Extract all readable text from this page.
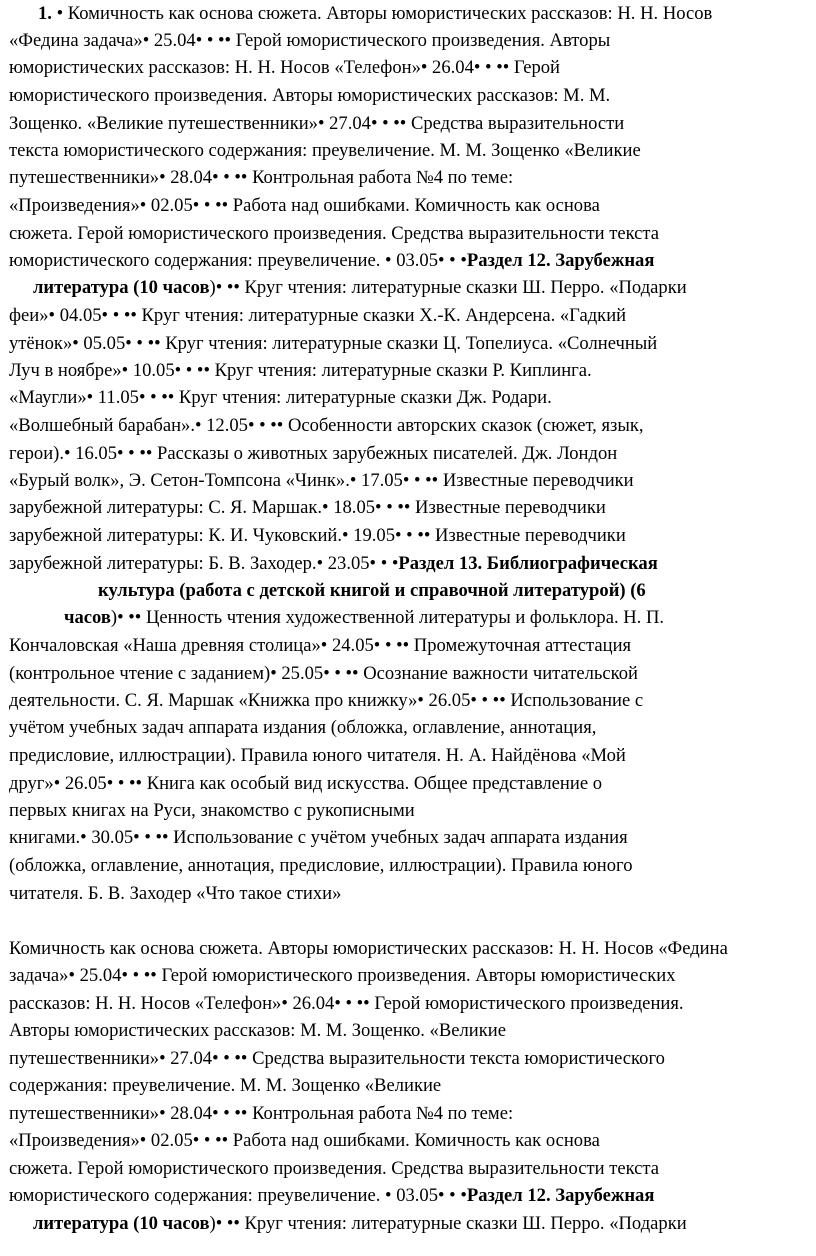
1. • Комичность как основа сюжета. Авторы юмористических рассказов: Н. Н. Носов
«Федина задача»• 25.04• • •• Герой юмористического произведения. Авторы
юмористических рассказов: Н. Н. Носов «Телефон»• 26.04• • •• Герой
юмористического произведения. Авторы юмористических рассказов: М. М.
Зощенко. «Великие путешественники»• 27.04• • •• Средства выразительности
текста юмористического содержания: преувеличение. М. М. Зощенко «Великие
путешественники»• 28.04• • •• Контрольная работа №4 по теме:
«Произведения»• 02.05• • •• Работа над ошибками. Комичность как основа
сюжета. Герой юмористического произведения. Средства выразительности текста
юмористического содержания: преувеличение. • 03.05• • •Раздел 12. Зарубежная
литература (10 часов)• •• Круг чтения: литературные сказки Ш. Перро. «Подарки
феи»• 04.05• • •• Круг чтения: литературные сказки Х.-К. Андерсена. «Гадкий
утёнок»• 05.05• • •• Круг чтения: литературные сказки Ц. Топелиуса. «Солнечный
Луч в ноябре»• 10.05• • •• Круг чтения: литературные сказки Р. Киплинга.
«Маугли»• 11.05• • •• Круг чтения: литературные сказки Дж. Родари.
«Волшебный барабан».• 12.05• • •• Особенности авторских сказок (сюжет, язык,
герои).• 16.05• • •• Рассказы о животных зарубежных писателей. Дж. Лондон
«Бурый волк», Э. Сетон-Томпсона «Чинк».• 17.05• • •• Известные переводчики
зарубежной литературы: С. Я. Маршак.• 18.05• • •• Известные переводчики
зарубежной литературы: К. И. Чуковский.• 19.05• • •• Известные переводчики
зарубежной литературы: Б. В. Заходер.• 23.05• • •Раздел 13. Библиографическая
культура (работа с детской книгой и справочной литературой) (6
часов)• •• Ценность чтения художественной литературы и фольклора. Н. П.
Кончаловская «Наша древняя столица»• 24.05• • •• Промежуточная аттестация
(контрольное чтение с заданием)• 25.05• • •• Осознание важности читательской
деятельности. С. Я. Маршак «Книжка про книжку»• 26.05• • •• Использование с
учётом учебных задач аппарата издания (обложка, оглавление, аннотация,
предисловие, иллюстрации). Правила юного читателя. Н. А. Найдёнова «Мой
друг»• 26.05• • •• Книга как особый вид искусства. Общее представление о
первых книгах на Руси, знакомство с рукописными
книгами.• 30.05• • •• Использование с учётом учебных задач аппарата издания
(обложка, оглавление, аннотация, предисловие, иллюстрации). Правила юного
читателя. Б. В. Заходер «Что такое стихи»
Комичность как основа сюжета. Авторы юмористических рассказов: Н. Н. Носов «Федина
задача»• 25.04• • •• Герой юмористического произведения. Авторы юмористических
рассказов: Н. Н. Носов «Телефон»• 26.04• • •• Герой юмористического произведения.
Авторы юмористических рассказов: М. М. Зощенко. «Великие
путешественники»• 27.04• • •• Средства выразительности текста юмористического
содержания: преувеличение. М. М. Зощенко «Великие
путешественники»• 28.04• • •• Контрольная работа №4 по теме:
«Произведения»• 02.05• • •• Работа над ошибками. Комичность как основа
сюжета. Герой юмористического произведения. Средства выразительности текста
юмористического содержания: преувеличение. • 03.05• • •Раздел 12. Зарубежная
литература (10 часов)• •• Круг чтения: литературные сказки Ш. Перро. «Подарки
